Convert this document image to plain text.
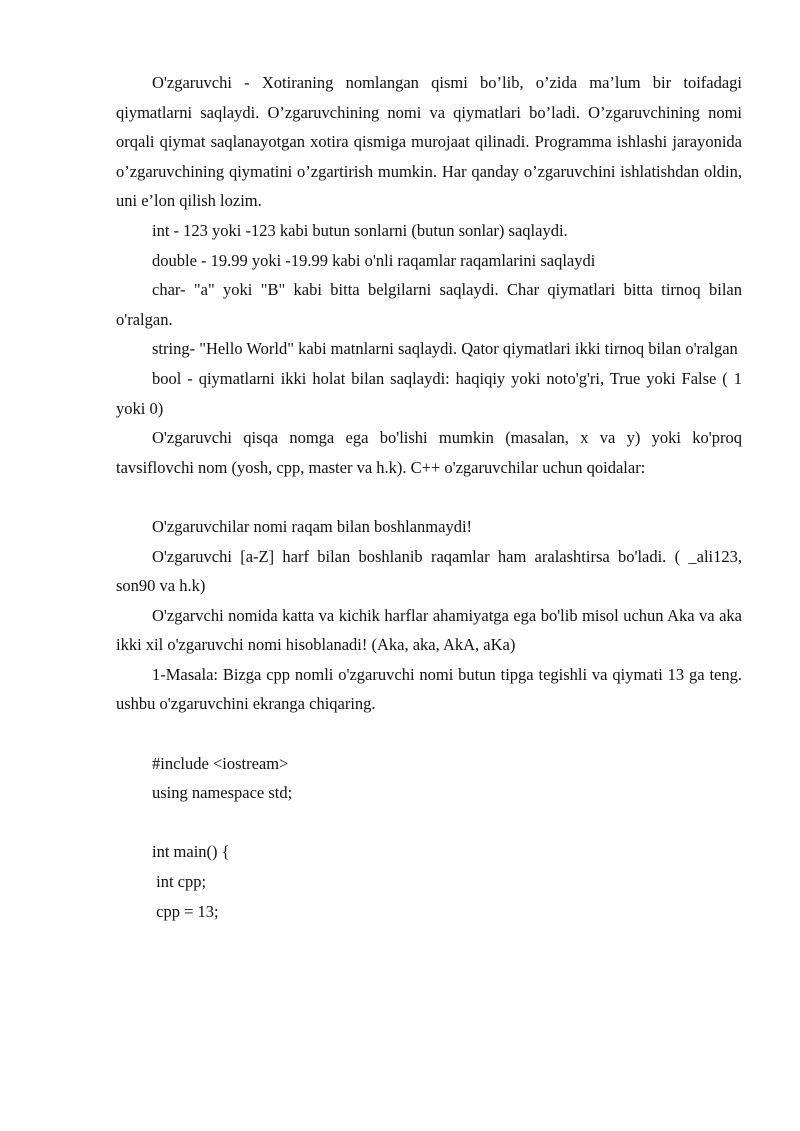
O'zgaruvchi - Xotiraning nomlangan qismi bo’lib, o’zida ma’lum bir toifadagi qiymatlarni saqlaydi. O’zgaruvchining nomi va qiymatlari bo’ladi. O’zgaruvchining nomi orqali qiymat saqlanayotgan xotira qismiga murojaat qilinadi. Programma ishlashi jarayonida o’zgaruvchining qiymatini o’zgartirish mumkin. Har qanday o’zgaruvchini ishlatishdan oldin, uni e’lon qilish lozim.

int - 123 yoki -123 kabi butun sonlarni (butun sonlar) saqlaydi.

double - 19.99 yoki -19.99 kabi o'nli raqamlar raqamlarini saqlaydi

char- "a" yoki "B" kabi bitta belgilarni saqlaydi. Char qiymatlari bitta tirnoq bilan o'ralgan.

string- "Hello World" kabi matnlarni saqlaydi. Qator qiymatlari ikki tirnoq bilan o'ralgan

bool - qiymatlarni ikki holat bilan saqlaydi: haqiqiy yoki noto'g'ri, True yoki False ( 1 yoki 0)

O'zgaruvchi qisqa nomga ega bo'lishi mumkin (masalan, x va y) yoki ko'proq tavsiflovchi nom (yosh, cpp, master va h.k). C++ o'zgaruvchilar uchun qoidalar:

O'zgaruvchilar nomi raqam bilan boshlanmaydi!

O'zgaruvchi [a-Z] harf bilan boshlanib raqamlar ham aralashtirsa bo'ladi. ( _ali123, son90 va h.k)

O'zgarvchi nomida katta va kichik harflar ahamiyatga ega bo'lib misol uchun Aka va aka ikki xil o'zgaruvchi nomi hisoblanadi! (Aka, aka, AkA, aKa)

1-Masala: Bizga cpp nomli o'zgaruvchi nomi butun tipga tegishli va qiymati 13 ga teng. ushbu o'zgaruvchini ekranga chiqaring.

#include <iostream>

using namespace std;

int main() {

int cpp;

cpp = 13;
